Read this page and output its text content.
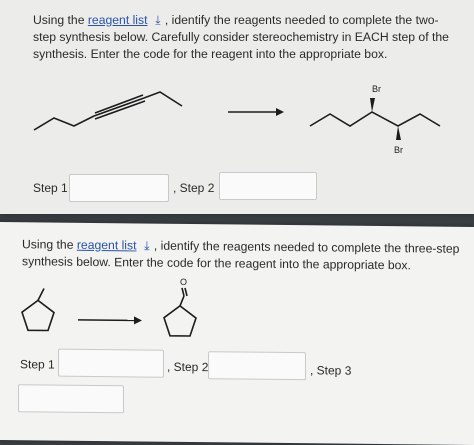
Using the reagent list ⤓ , identify the reagents needed to complete the two-step synthesis below. Carefully consider stereochemistry in EACH step of the synthesis. Enter the code for the reagent into the appropriate box.
Br
Br
Step 1	, Step 2
Using the reagent list ⤓ , identify the reagents needed to complete the three-step synthesis below. Enter the code for the reagent into the appropriate box.
O
Step 1	, Step 2	, Step 3
